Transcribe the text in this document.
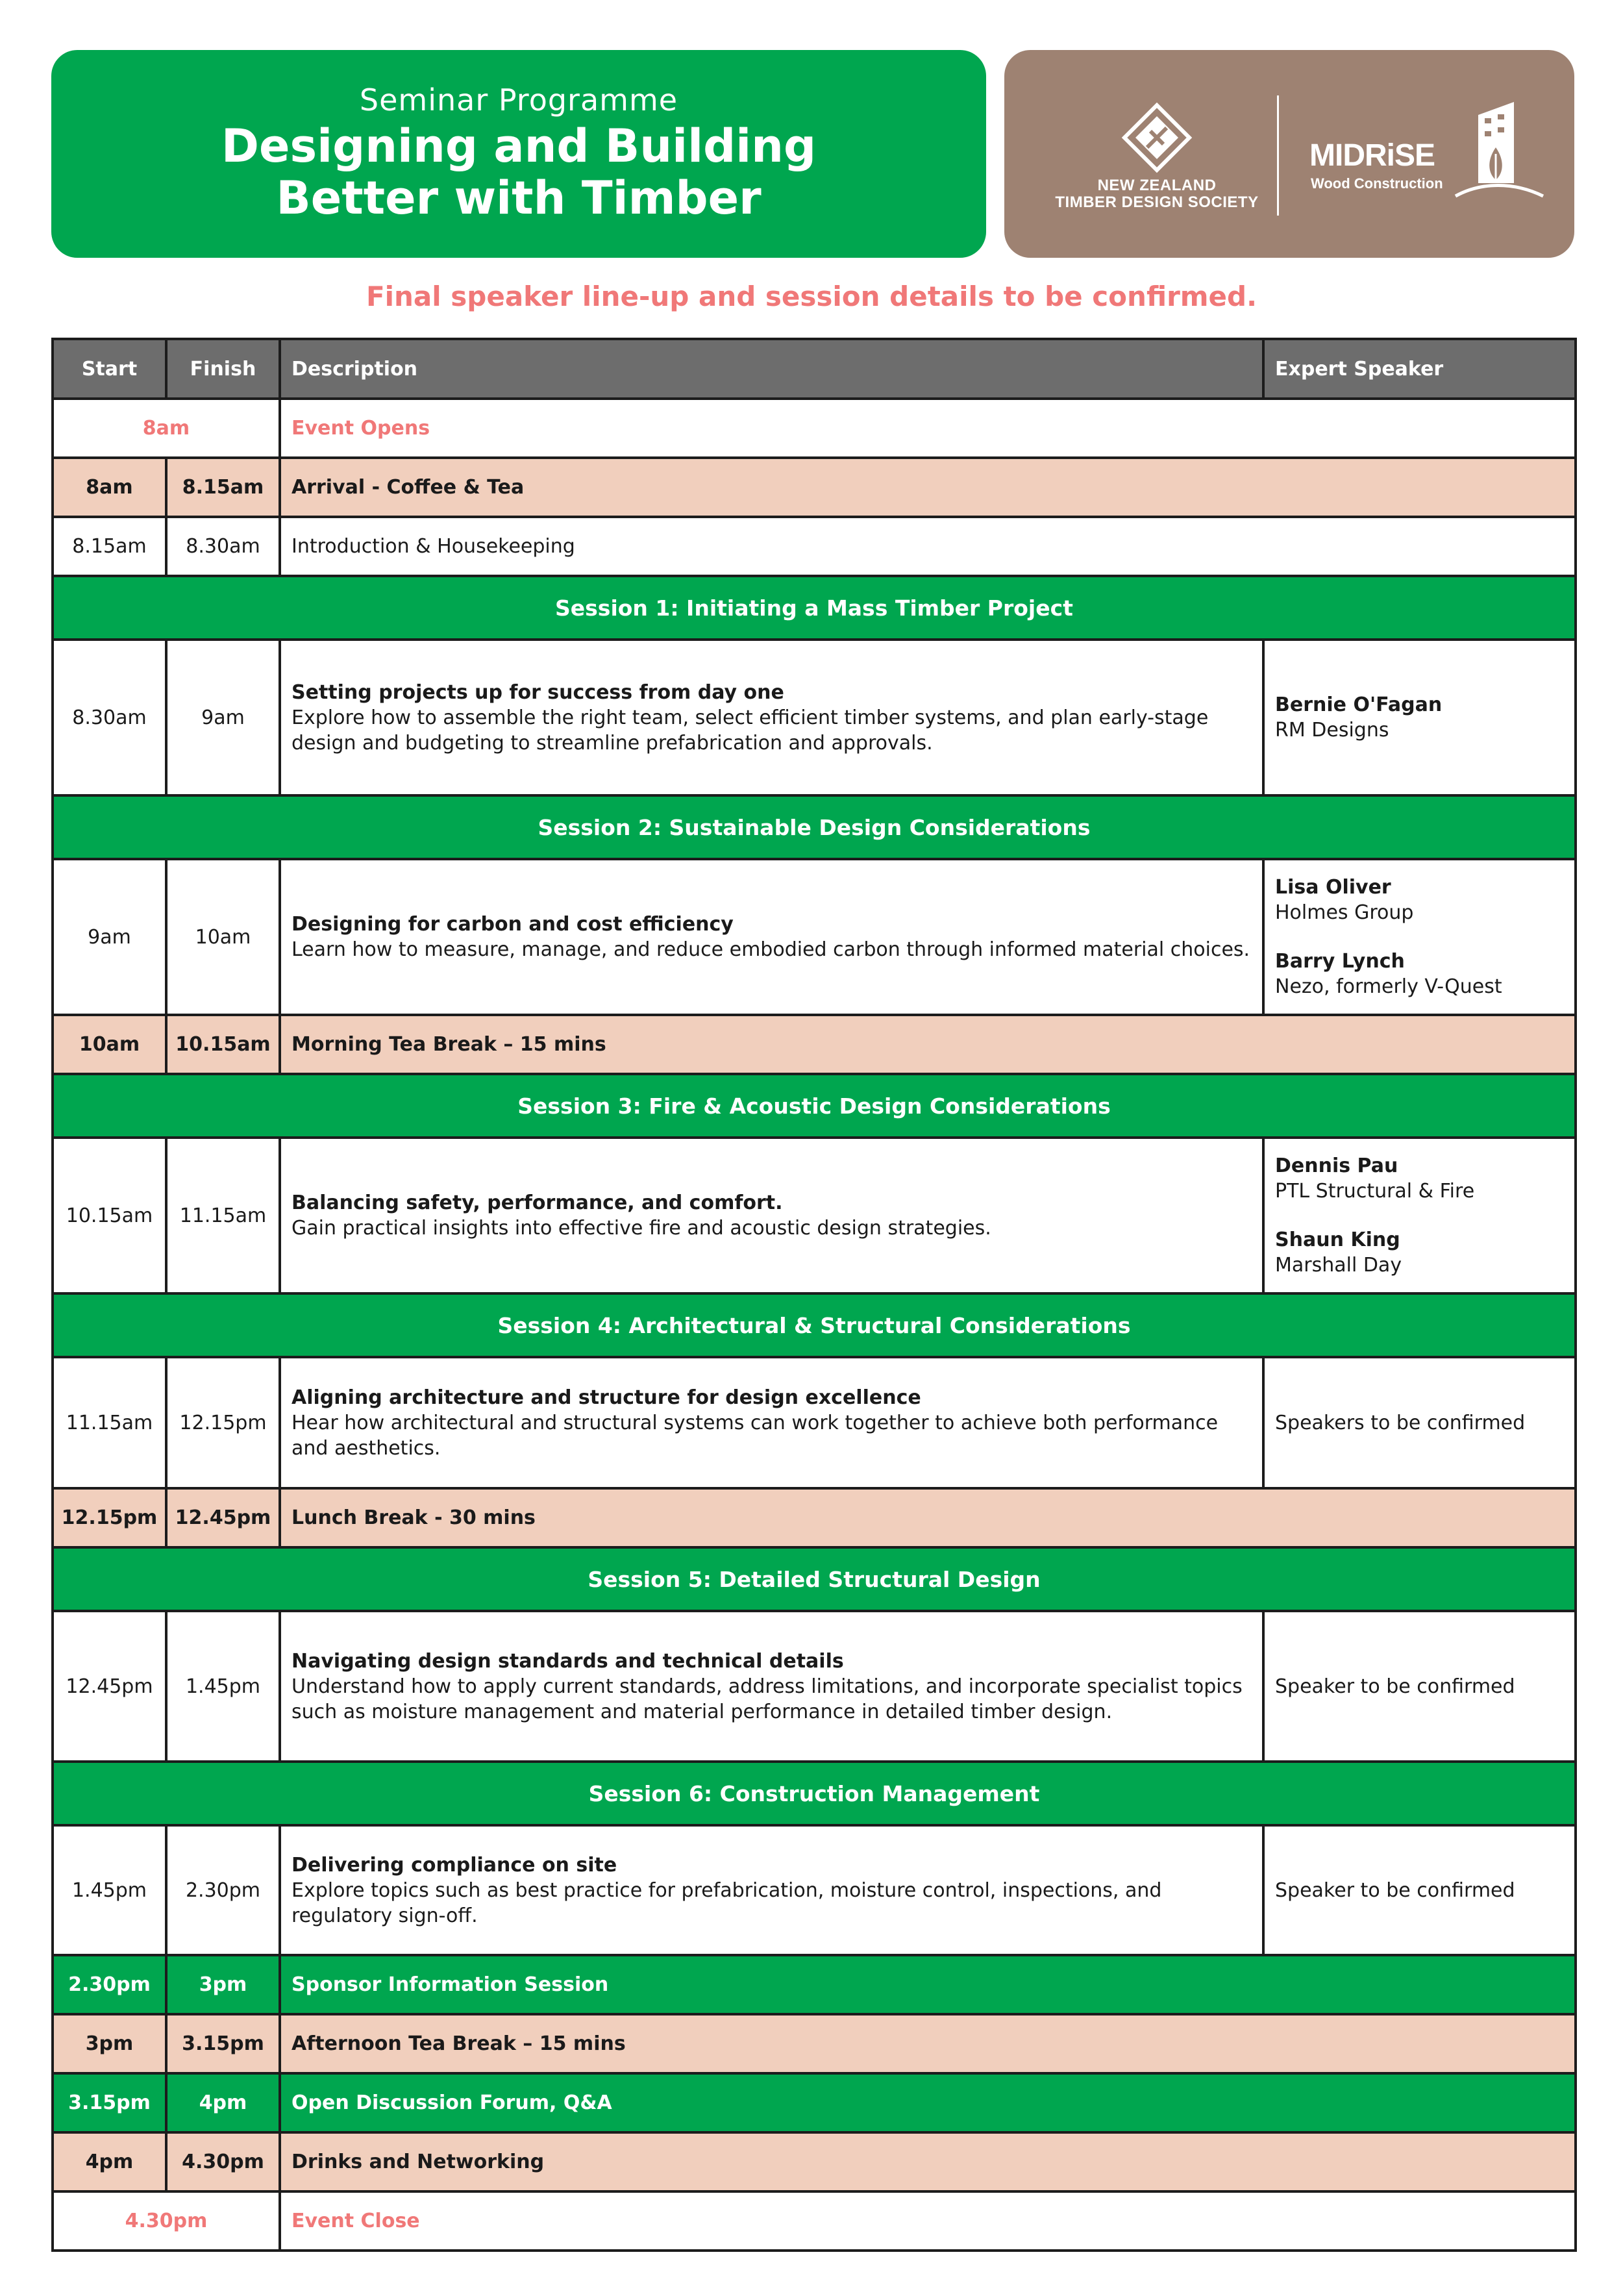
Seminar Programme
Designing and Building
Better with Timber	NEW ZEALAND
TIMBER DESIGN SOCIETY
MIDRiSE
Wood Construction
Final speaker line-up and session details to be confirmed.
Start	Finish	Description	Expert Speaker
8am		Event Opens	
8am	8.15am	Arrival - Coffee & Tea	
8.15am	8.30am	Introduction & Housekeeping	
Session 1: Initiating a Mass Timber Project			
8.30am	9am	Setting projects up for success from day one
Explore how to assemble the right team, select efficient timber systems, and plan early-stage design and budgeting to streamline prefabrication and approvals.	Bernie O'Fagan
RM Designs

Session 2: Sustainable Design Considerations			
9am	10am	Designing for carbon and cost efficiency
Learn how to measure, manage, and reduce embodied carbon through informed material choices.	Lisa Oliver
Holmes Group
Barry Lynch
Nezo, formerly V-Quest

10am	10.15am	Morning Tea Break – 15 mins	
Session 3: Fire & Acoustic Design Considerations			
10.15am	11.15am	Balancing safety, performance, and comfort.
Gain practical insights into effective fire and acoustic design strategies.	Dennis Pau
PTL Structural & Fire
Shaun King
Marshall Day

Session 4: Architectural & Structural Considerations			
11.15am	12.15pm	Aligning architecture and structure for design excellence
Hear how architectural and structural systems can work together to achieve both performance and aesthetics.	Speakers to be confirmed
12.15pm	12.45pm	Lunch Break - 30 mins	
Session 5: Detailed Structural Design			
12.45pm	1.45pm	Navigating design standards and technical details
Understand how to apply current standards, address limitations, and incorporate specialist topics such as moisture management and material performance in detailed timber design.	Speaker to be confirmed
Session 6: Construction Management			
1.45pm	2.30pm	Delivering compliance on site
Explore topics such as best practice for prefabrication, moisture control, inspections, and regulatory sign-off.	Speaker to be confirmed
2.30pm	3pm	Sponsor Information Session	
3pm	3.15pm	Afternoon Tea Break – 15 mins	
3.15pm	4pm	Open Discussion Forum, Q&A	
4pm	4.30pm	Drinks and Networking	
4.30pm		Event Close	
